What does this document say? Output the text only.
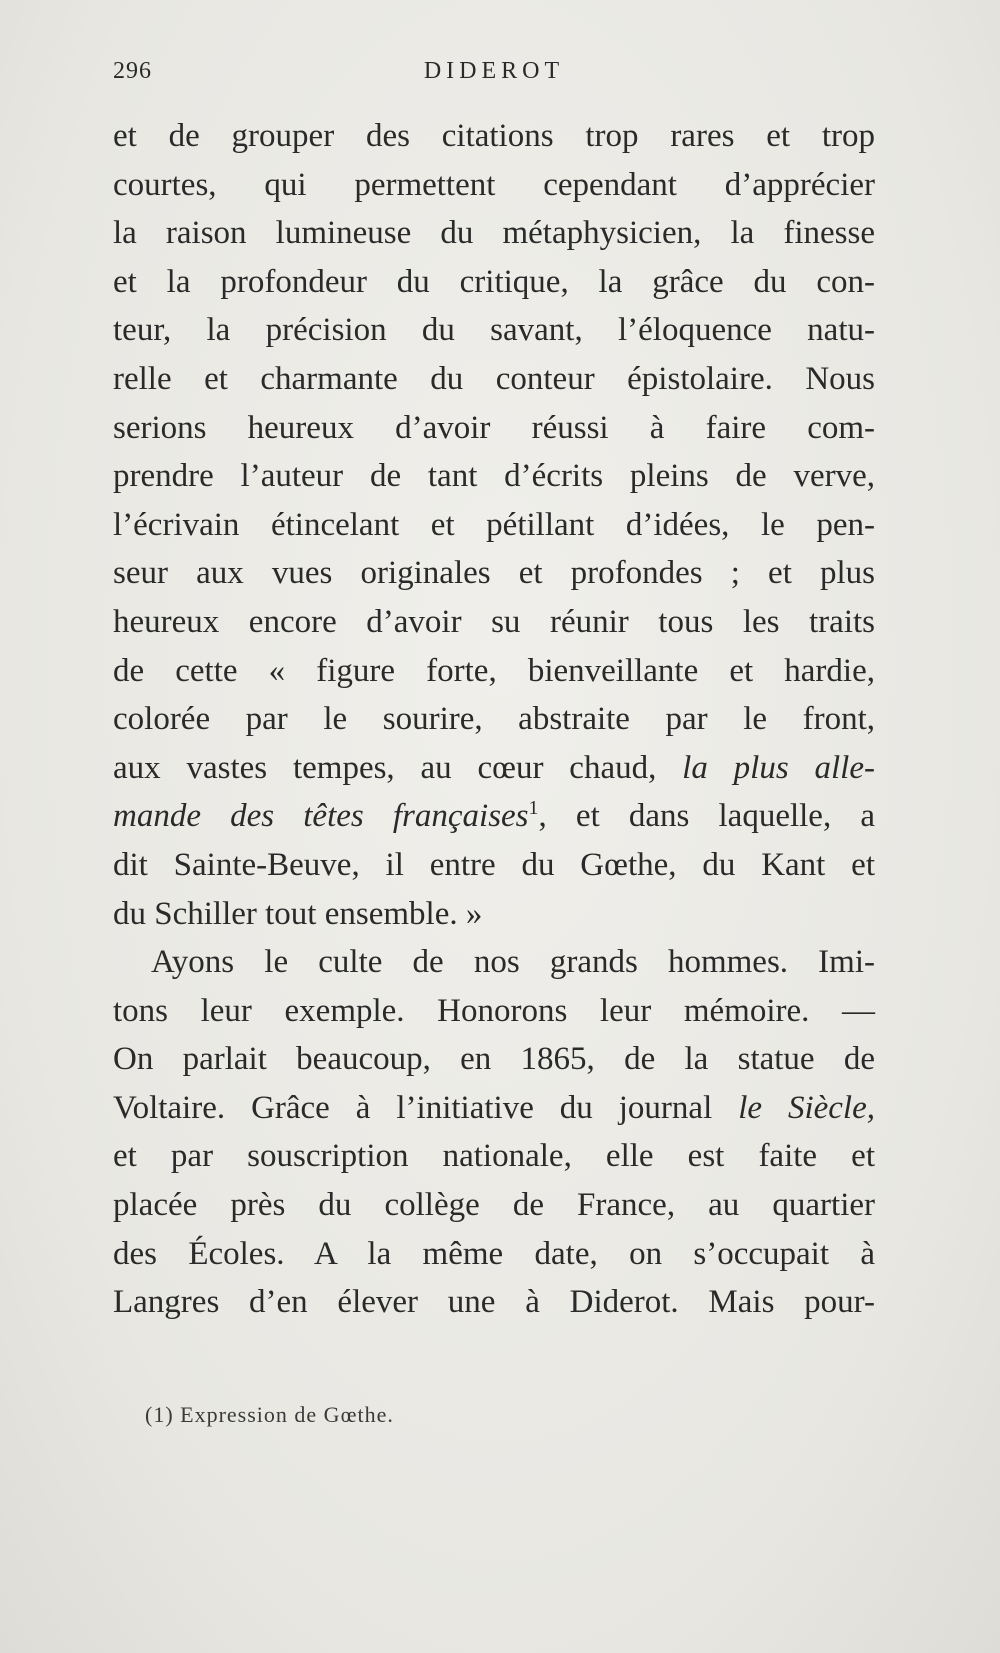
296	DIDEROT
et de grouper des citations trop rares et trop
courtes, qui permettent cependant d’apprécier
la raison lumineuse du métaphysicien, la finesse
et la profondeur du critique, la grâce du con-
teur, la précision du savant, l’éloquence natu-
relle et charmante du conteur épistolaire. Nous
serions heureux d’avoir réussi à faire com-
prendre l’auteur de tant d’écrits pleins de verve,
l’écrivain étincelant et pétillant d’idées, le pen-
seur aux vues originales et profondes ; et plus
heureux encore d’avoir su réunir tous les traits
de cette « figure forte, bienveillante et hardie,
colorée par le sourire, abstraite par le front,
aux vastes tempes, au cœur chaud, la plus alle-
mande des têtes françaises$^1$, et dans laquelle, a
dit Sainte-Beuve, il entre du Gœthe, du Kant et
du Schiller tout ensemble. »
Ayons le culte de nos grands hommes. Imi-
tons leur exemple. Honorons leur mémoire. —
On parlait beaucoup, en 1865, de la statue de
Voltaire. Grâce à l’initiative du journal le Siècle,
et par souscription nationale, elle est faite et
placée près du collège de France, au quartier
des Écoles. A la même date, on s’occupait à
Langres d’en élever une à Diderot. Mais pour-
(1) Expression de Gœthe.
